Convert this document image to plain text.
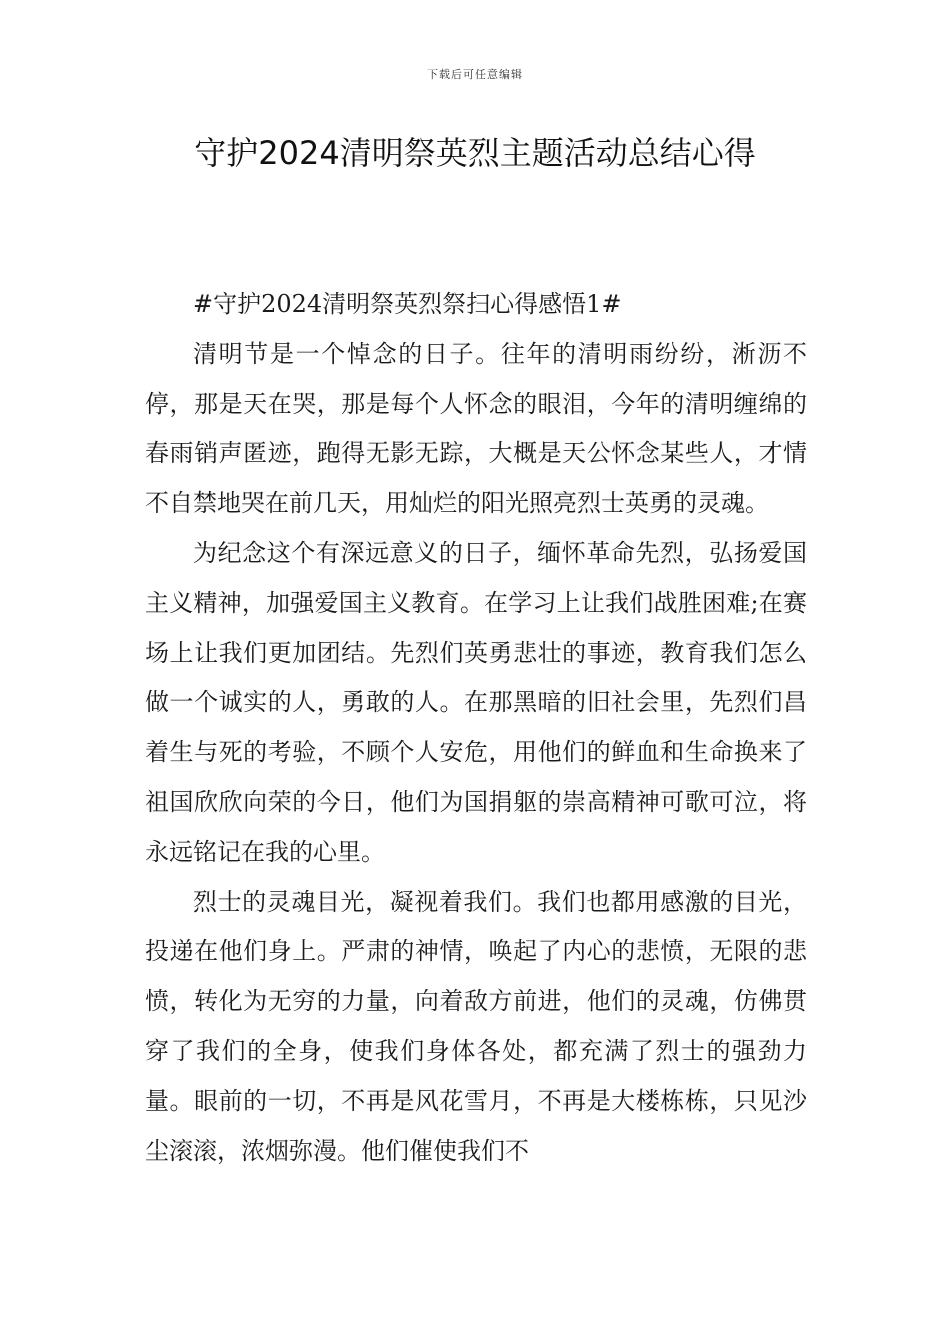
下载后可任意编辑
守护2024清明祭英烈主题活动总结心得

#守护2024清明祭英烈祭扫心得感悟1#

清明节是一个悼念的日子。往年的清明雨纷纷，淅沥不停，那是天在哭，那是每个人怀念的眼泪，今年的清明缠绵的春雨销声匿迹，跑得无影无踪，大概是天公怀念某些人，才情不自禁地哭在前几天，用灿烂的阳光照亮烈士英勇的灵魂。

为纪念这个有深远意义的日子，缅怀革命先烈，弘扬爱国主义精神，加强爱国主义教育。在学习上让我们战胜困难;在赛场上让我们更加团结。先烈们英勇悲壮的事迹，教育我们怎么做一个诚实的人，勇敢的人。在那黑暗的旧社会里，先烈们昌着生与死的考验，不顾个人安危，用他们的鲜血和生命换来了祖国欣欣向荣的今日，他们为国捐躯的崇高精神可歌可泣，将永远铭记在我的心里。

烈士的灵魂目光，凝视着我们。我们也都用感激的目光，投递在他们身上。严肃的神情，唤起了内心的悲愤，无限的悲愤，转化为无穷的力量，向着敌方前进，他们的灵魂，仿佛贯穿了我们的全身，使我们身体各处，都充满了烈士的强劲力量。眼前的一切，不再是风花雪月，不再是大楼栋栋，只见沙尘滚滚，浓烟弥漫。他们催使我们不
